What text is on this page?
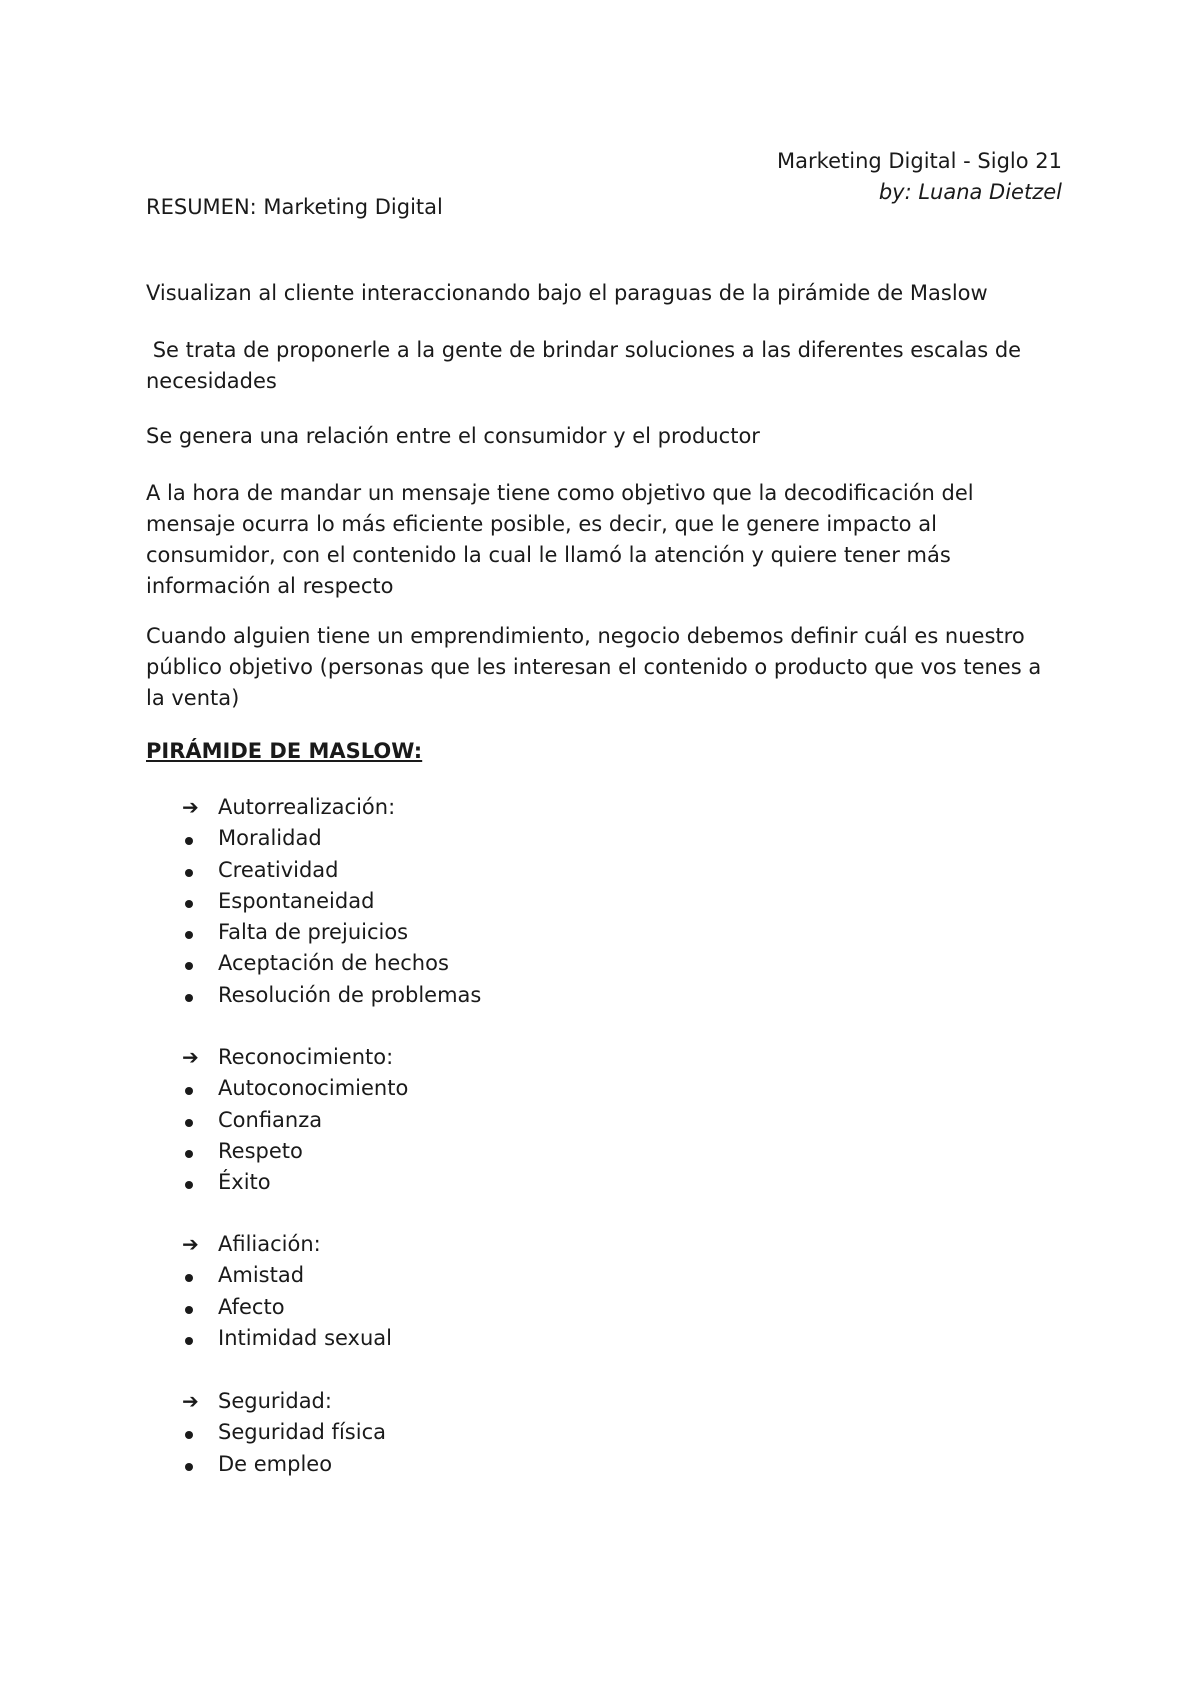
Marketing Digital - Siglo 21
by: Luana Dietzel

RESUMEN: Marketing Digital

Visualizan al cliente interaccionando bajo el paraguas de la pirámide de Maslow

Se trata de proponerle a la gente de brindar soluciones a las diferentes escalas de necesidades

Se genera una relación entre el consumidor y el productor

A la hora de mandar un mensaje tiene como objetivo que la decodificación del mensaje ocurra lo más eficiente posible, es decir, que le genere impacto al consumidor, con el contenido la cual le llamó la atención y quiere tener más información al respecto

Cuando alguien tiene un emprendimiento, negocio debemos definir cuál es nuestro público objetivo (personas que les interesan el contenido o producto que vos tenes a la venta)

PIRÁMIDE DE MASLOW:

➔ Autorrealización:
Moralidad
Creatividad
Espontaneidad
Falta de prejuicios
Aceptación de hechos
Resolución de problemas
➔ Reconocimiento:
Autoconocimiento
Confianza
Respeto
Éxito
➔ Afiliación:
Amistad
Afecto
Intimidad sexual
➔ Seguridad:
Seguridad física
De empleo
